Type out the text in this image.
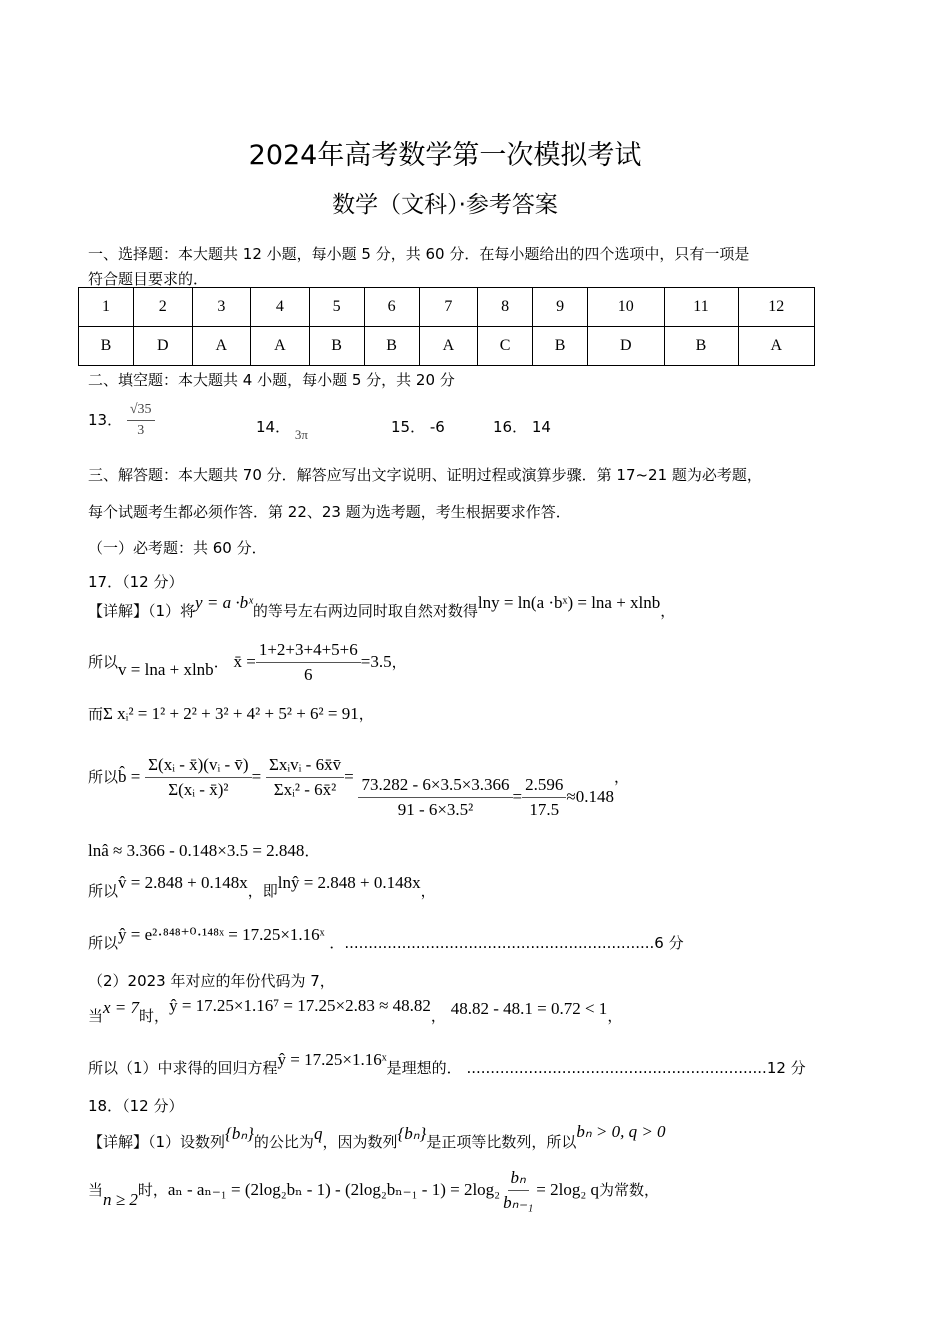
2024年高考数学第一次模拟考试
数学（文科）·参考答案
一、选择题：本大题共 12 小题，每小题 5 分，共 60 分．在每小题给出的四个选项中，只有一项是
符合题目要求的．
1	2	3	4	5	6	7	8	9	10	11	12
B	D	A	A	B	B	A	C	B	D	B	A
二、填空题：本大题共 4 小题，每小题 5 分，共 20 分
13． $\frac{√35}{3}$	14． 3π	15． -6	16． 14
三、解答题：本大题共 70 分．解答应写出文字说明、证明过程或演算步骤．第 17~21 题为必考题，
每个试题考生都必须作答．第 22、23 题为选考题，考生根据要求作答．
（一）必考题：共 60 分．
17．（12 分）
【详解】（1）将y = a ·bˣ的等号左右两边同时取自然对数得lny = ln(a ·bˣ) = lna + xlnb，
所以v = lna + xlnb． x̄ = $\frac{1+2+3+4+5+6}{6} =3.5$，
而Σ xᵢ² = 1² + 2² + 3² + 4² + 5² + 6² = 91，
所以b̂ = $\frac{\text{Σ(xᵢ - x̄)(vᵢ - v̄)}}{\text{Σ(xᵢ - x̄)²}} = \frac{\text{Σxᵢvᵢ - 6x̄v̄}}{\text{Σxᵢ² - 6x̄²}} = \frac{73.282 - 6\times 3.5\times 3.366}{\text{91 - 6×3.5²}} = \frac{2.596}{17.5} \approx 0.148$，
lnâ ≈ 3.366 - 0.148×3.5 = 2.848．
所以v̂ = 2.848 + 0.148x，即lnŷ = 2.848 + 0.148x，
所以ŷ = e²·⁸⁴⁸⁺⁰·¹⁴⁸ˣ = 17.25×1.16ˣ ．.................................................................6 分
（2）2023 年对应的年份代码为 7，
当x = 7时，ŷ = 17.25×1.16⁷ = 17.25×2.83 ≈ 48.82， 48.82 - 48.1 = 0.72 < 1，
所以（1）中求得的回归方程ŷ = 17.25×1.16ˣ是理想的． ...............................................................12 分
18．（12 分）
【详解】（1）设数列{bₙ}的公比为q，因为数列{bₙ}是正项等比数列，所以bₙ > 0, q > 0
当n ≥ 2时，$a_n - a_{n-1} = (2\log_2b_n - 1) - (2\log_2b_{n-1} - 1) = 2\log_2 \frac{\text{bₙ}}{\text{bₙ₋₁}} = 2\log_2$ q为常数，
